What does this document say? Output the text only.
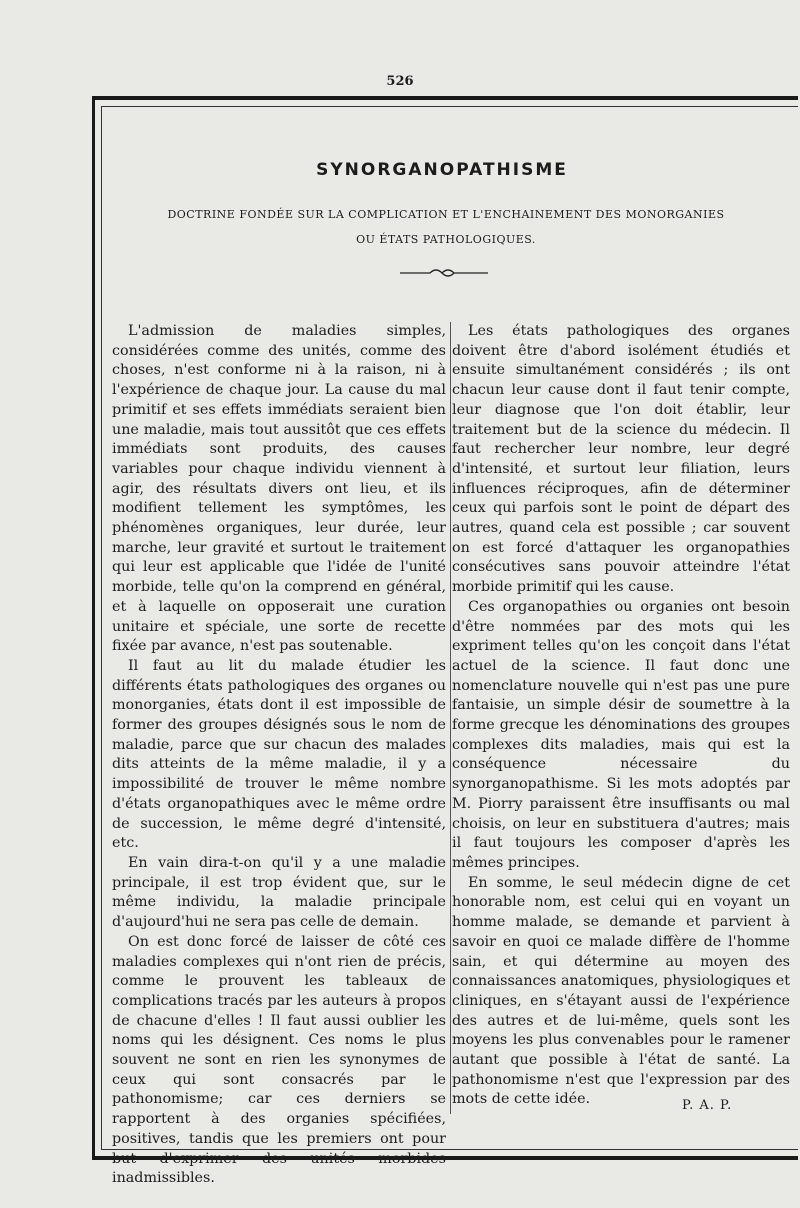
526
SYNORGANOPATHISME
DOCTRINE FONDÉE SUR LA COMPLICATION ET L'ENCHAINEMENT DES MONORGANIES
OU ÉTATS PATHOLOGIQUES.

L'admission de maladies simples, considérées comme des unités, comme des choses, n'est conforme ni à la raison, ni à l'expérience de chaque jour. La cause du mal primitif et ses effets immédiats seraient bien une maladie, mais tout aussitôt que ces effets immédiats sont produits, des causes variables pour chaque individu viennent à agir, des résultats divers ont lieu, et ils modifient tellement les symptômes, les phénomènes organiques, leur durée, leur marche, leur gravité et surtout le traitement qui leur est applicable que l'idée de l'unité morbide, telle qu'on la comprend en général, et à laquelle on opposerait une curation unitaire et spéciale, une sorte de recette fixée par avance, n'est pas soutenable.

Il faut au lit du malade étudier les différents états pathologiques des organes ou monorganies, états dont il est impossible de former des groupes désignés sous le nom de maladie, parce que sur chacun des malades dits atteints de la même maladie, il y a impossibilité de trouver le même nombre d'états organopathiques avec le même ordre de succession, le même degré d'intensité, etc.

En vain dira-t-on qu'il y a une maladie principale, il est trop évident que, sur le même individu, la maladie principale d'aujourd'hui ne sera pas celle de demain.

On est donc forcé de laisser de côté ces maladies complexes qui n'ont rien de précis, comme le prouvent les tableaux de complications tracés par les auteurs à propos de chacune d'elles ! Il faut aussi oublier les noms qui les désignent. Ces noms le plus souvent ne sont en rien les synonymes de ceux qui sont consacrés par le pathonomisme; car ces derniers se rapportent à des organies spécifiées, positives, tandis que les premiers ont pour but d'exprimer des unités morbides inadmissibles.

Les états pathologiques des organes doivent être d'abord isolément étudiés et ensuite simultanément considérés ; ils ont chacun leur cause dont il faut tenir compte, leur diagnose que l'on doit établir, leur traitement but de la science du médecin. Il faut rechercher leur nombre, leur degré d'intensité, et surtout leur filiation, leurs influences réciproques, afin de déterminer ceux qui parfois sont le point de départ des autres, quand cela est possible ; car souvent on est forcé d'attaquer les organopathies consécutives sans pouvoir atteindre l'état morbide primitif qui les cause.

Ces organopathies ou organies ont besoin d'être nommées par des mots qui les expriment telles qu'on les conçoit dans l'état actuel de la science. Il faut donc une nomenclature nouvelle qui n'est pas une pure fantaisie, un simple désir de soumettre à la forme grecque les dénominations des groupes complexes dits maladies, mais qui est la conséquence nécessaire du synorganopathisme. Si les mots adoptés par M. Piorry paraissent être insuffisants ou mal choisis, on leur en substituera d'autres; mais il faut toujours les composer d'après les mêmes principes.

En somme, le seul médecin digne de cet honorable nom, est celui qui en voyant un homme malade, se demande et parvient à savoir en quoi ce malade diffère de l'homme sain, et qui détermine au moyen des connaissances anatomiques, physiologiques et cliniques, en s'étayant aussi de l'expérience des autres et de lui-même, quels sont les moyens les plus convenables pour le ramener autant que possible à l'état de santé. La pathonomisme n'est que l'expression par des mots de cette idée.	P. A. P.
